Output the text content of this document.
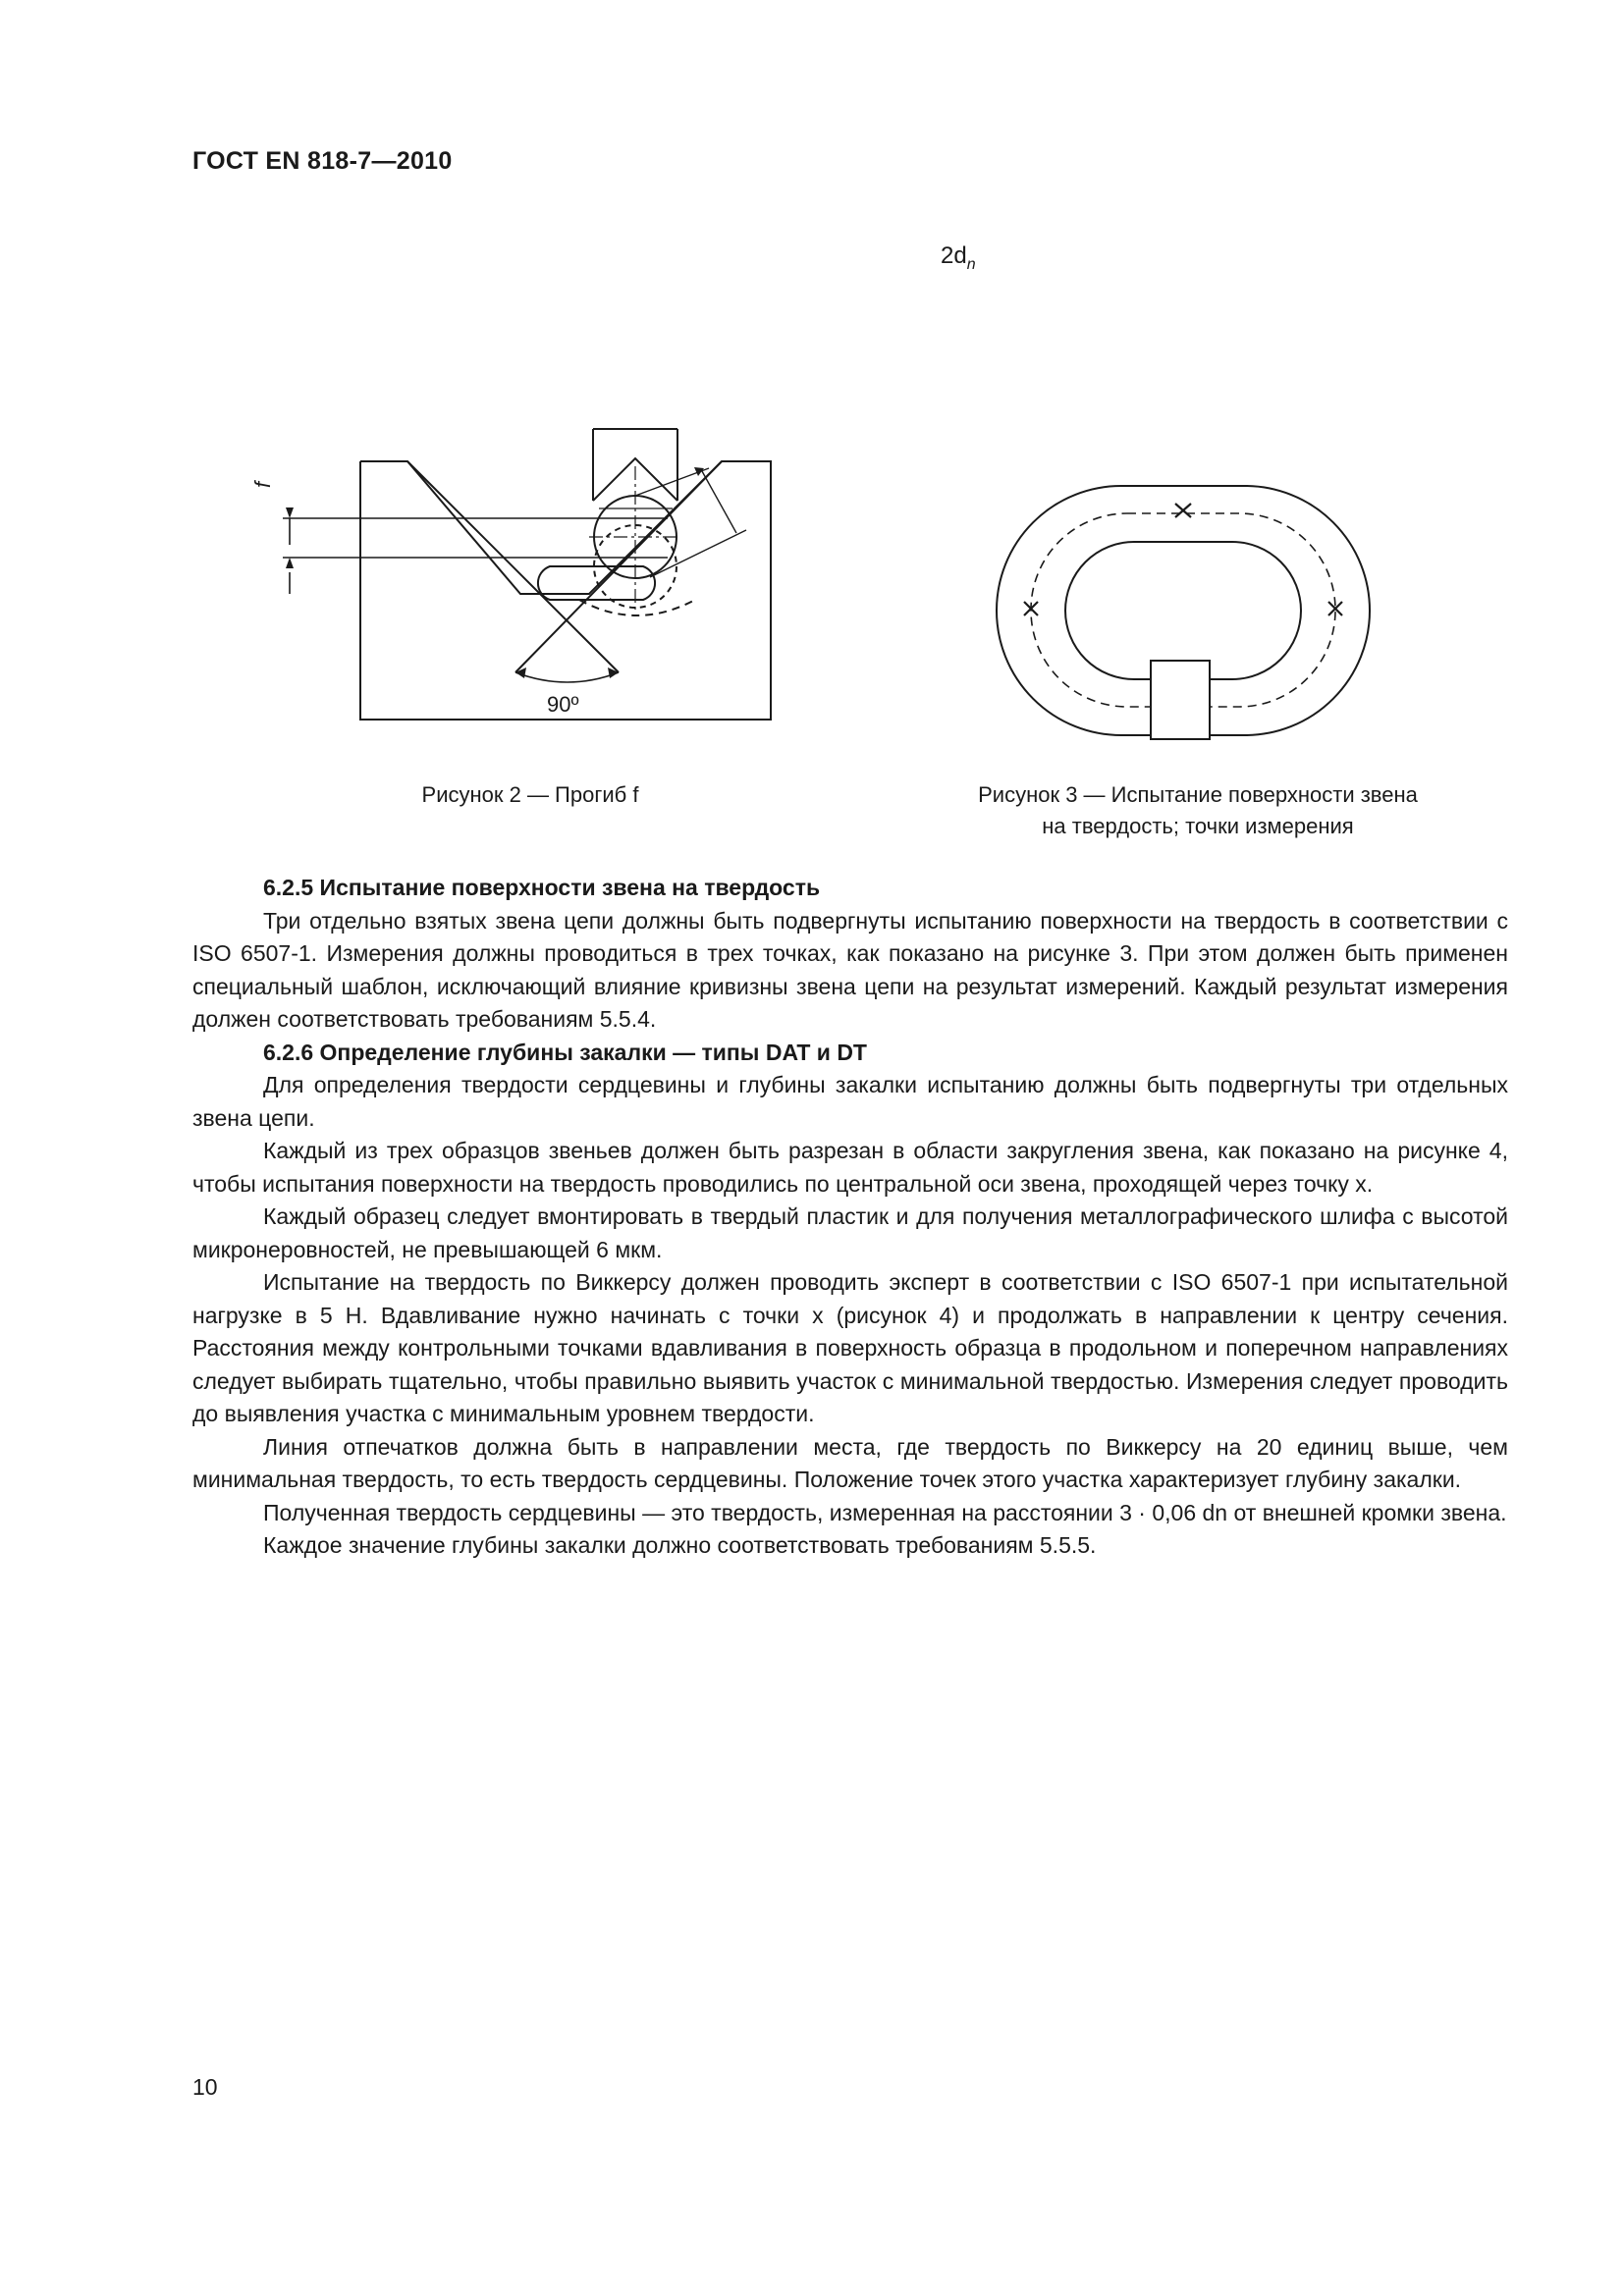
ГОСТ EN 818-7—2010
f
$2d_n$
90º
Рисунок 2 — Прогиб f	Рисунок 3 — Испытание поверхности звена
на твердость; точки измерения
6.2.5 Испытание поверхности звена на твердость

Три отдельно взятых звена цепи должны быть подвергнуты испытанию поверхности на твердость в соответствии с ISO 6507-1. Измерения должны проводиться в трех точках, как показано на рисунке 3. При этом должен быть применен специальный шаблон, исключающий влияние кривизны звена цепи на результат измерений. Каждый результат измерения должен соответствовать требованиям 5.5.4.

6.2.6 Определение глубины закалки — типы DAT и DT

Для определения твердости сердцевины и глубины закалки испытанию должны быть подвергнуты три отдельных звена цепи.

Каждый из трех образцов звеньев должен быть разрезан в области закругления звена, как показано на рисунке 4, чтобы испытания поверхности на твердость проводились по центральной оси звена, проходящей через точку x.

Каждый образец следует вмонтировать в твердый пластик и для получения металлографического шлифа с высотой микронеровностей, не превышающей 6 мкм.

Испытание на твердость по Виккерсу должен проводить эксперт в соответствии с ISO 6507-1 при испытательной нагрузке в 5 Н. Вдавливание нужно начинать с точки x (рисунок 4) и продолжать в направлении к центру сечения. Расстояния между контрольными точками вдавливания в поверхность образца в продольном и поперечном направлениях следует выбирать тщательно, чтобы правильно выявить участок с минимальной твердостью. Измерения следует проводить до выявления участка с минимальным уровнем твердости.

Линия отпечатков должна быть в направлении места, где твердость по Виккерсу на 20 единиц выше, чем минимальная твердость, то есть твердость сердцевины. Положение точек этого участка характеризует глубину закалки.

Полученная твердость сердцевины — это твердость, измеренная на расстоянии 3 · 0,06 dn от внешней кромки звена.

Каждое значение глубины закалки должно соответствовать требованиям 5.5.5.

10
